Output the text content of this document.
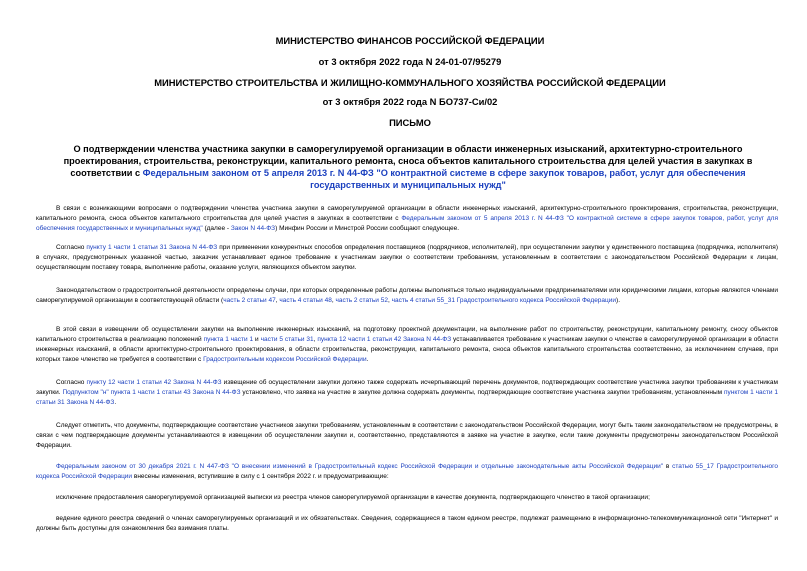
МИНИСТЕРСТВО ФИНАНСОВ РОССИЙСКОЙ ФЕДЕРАЦИИ
от 3 октября 2022 года N 24-01-07/95279
МИНИСТЕРСТВО СТРОИТЕЛЬСТВА И ЖИЛИЩНО-КОММУНАЛЬНОГО ХОЗЯЙСТВА РОССИЙСКОЙ ФЕДЕРАЦИИ
от 3 октября 2022 года N БО737-Си/02
ПИСЬМО
О подтверждении членства участника закупки в саморегулируемой организации в области инженерных изысканий, архитектурно-строительного проектирования, строительства, реконструкции, капитального ремонта, сноса объектов капитального строительства для целей участия в закупках в соответствии с Федеральным законом от 5 апреля 2013 г. N 44-ФЗ "О контрактной системе в сфере закупок товаров, работ, услуг для обеспечения государственных и муниципальных нужд"
В связи с возникающими вопросами о подтверждении членства участника закупки в саморегулируемой организации в области инженерных изысканий, архитектурно-строительного проектирования, строительства, реконструкции, капитального ремонта, сноса объектов капитального строительства для целей участия в закупках в соответствии с Федеральным законом от 5 апреля 2013 г. N 44-ФЗ "О контрактной системе в сфере закупок товаров, работ, услуг для обеспечения государственных и муниципальных нужд" (далее - Закон N 44-ФЗ) Минфин России и Минстрой России сообщают следующее.
Согласно пункту 1 части 1 статьи 31 Закона N 44-ФЗ при применении конкурентных способов определения поставщиков (подрядчиков, исполнителей), при осуществлении закупки у единственного поставщика (подрядчика, исполнителя) в случаях, предусмотренных указанной частью, заказчик устанавливает единое требование к участникам закупки о соответствии требованиям, установленным в соответствии с законодательством Российской Федерации к лицам, осуществляющим поставку товара, выполнение работы, оказание услуги, являющихся объектом закупки.
Законодательством о градостроительной деятельности определены случаи, при которых определенные работы должны выполняться только индивидуальными предпринимателями или юридическими лицами, которые являются членами саморегулируемой организации в соответствующей области (часть 2 статьи 47, часть 4 статьи 48, часть 2 статьи 52, часть 4 статьи 55_31 Градостроительного кодекса Российской Федерации).
В этой связи в извещении об осуществлении закупки на выполнение инженерных изысканий, на подготовку проектной документации, на выполнение работ по строительству, реконструкции, капитальному ремонту, сносу объектов капитального строительства в реализацию положений пункта 1 части 1 и части 5 статьи 31, пункта 12 части 1 статьи 42 Закона N 44-ФЗ устанавливается требование к участникам закупки о членстве в саморегулируемой организации в области инженерных изысканий, в области архитектурно-строительного проектирования, в области строительства, реконструкции, капитального ремонта, сноса объектов капитального строительства соответственно, за исключением случаев, при которых такое членство не требуется в соответствии с Градостроительным кодексом Российской Федерации.
Согласно пункту 12 части 1 статьи 42 Закона N 44-ФЗ извещение об осуществлении закупки должно также содержать исчерпывающий перечень документов, подтверждающих соответствие участника закупки требованиям к участникам закупки. Подпунктом "н" пункта 1 части 1 статьи 43 Закона N 44-ФЗ установлено, что заявка на участие в закупке должна содержать документы, подтверждающие соответствие участника закупки требованиям, установленным пунктом 1 части 1 статьи 31 Закона N 44-ФЗ.
Следует отметить, что документы, подтверждающие соответствие участников закупки требованиям, установленным в соответствии с законодательством Российской Федерации, могут быть таким законодательством не предусмотрены, в связи с чем подтверждающие документы устанавливаются в извещении об осуществлении закупки и, соответственно, представляются в заявке на участие в закупке, если такие документы предусмотрены законодательством Российской Федерации.
Федеральным законом от 30 декабря 2021 г. N 447-ФЗ "О внесении изменений в Градостроительный кодекс Российской Федерации и отдельные законодательные акты Российской Федерации" в статью 55_17 Градостроительного кодекса Российской Федерации внесены изменения, вступившие в силу с 1 сентября 2022 г. и предусматривающие:
исключение предоставления саморегулируемой организацией выписки из реестра членов саморегулируемой организации в качестве документа, подтверждающего членство в такой организации;
ведение единого реестра сведений о членах саморегулируемых организаций и их обязательствах. Сведения, содержащиеся в таком едином реестре, подлежат размещению в информационно-телекоммуникационной сети "Интернет" и должны быть доступны для ознакомления без взимания платы.
